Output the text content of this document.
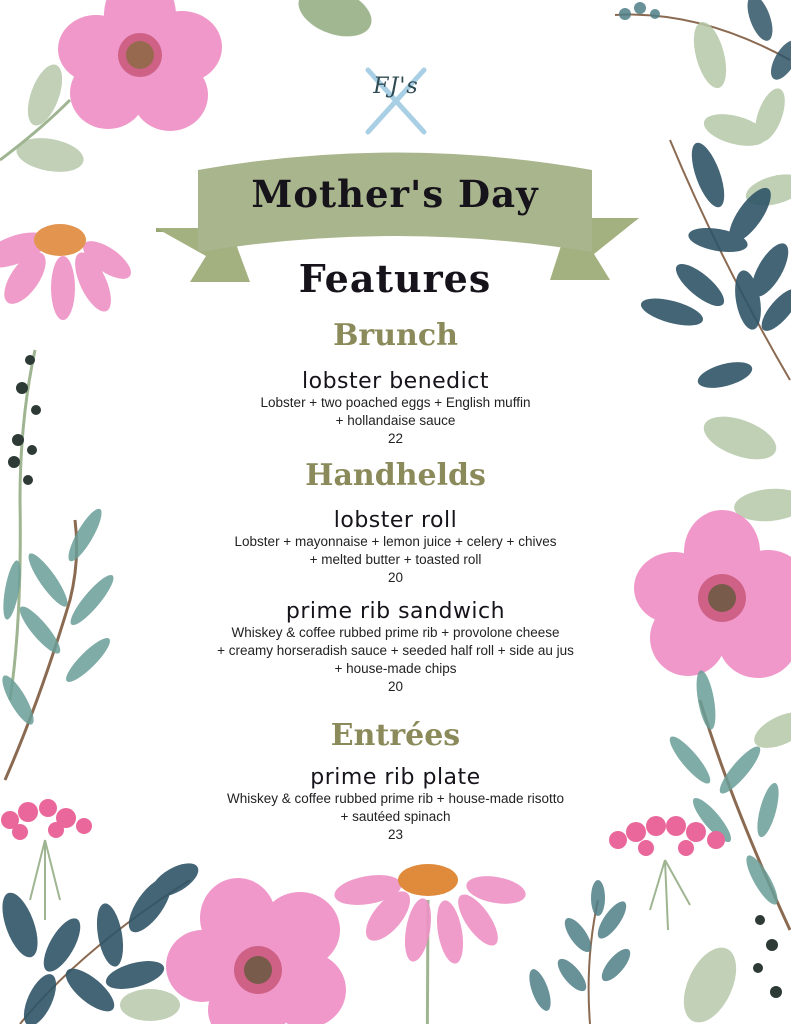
FJ's
Mother's Day
Features
Brunch
lobster benedict
Lobster + two poached eggs + English muffin
+ hollandaise sauce
22
Handhelds
lobster roll
Lobster + mayonnaise + lemon juice + celery + chives
+ melted butter + toasted roll
20
prime rib sandwich
Whiskey & coffee rubbed prime rib + provolone cheese
+ creamy horseradish sauce + seeded half roll + side au jus
+ house-made chips
20
Entrées
prime rib plate
Whiskey & coffee rubbed prime rib + house-made risotto
+ sautéed spinach
23
